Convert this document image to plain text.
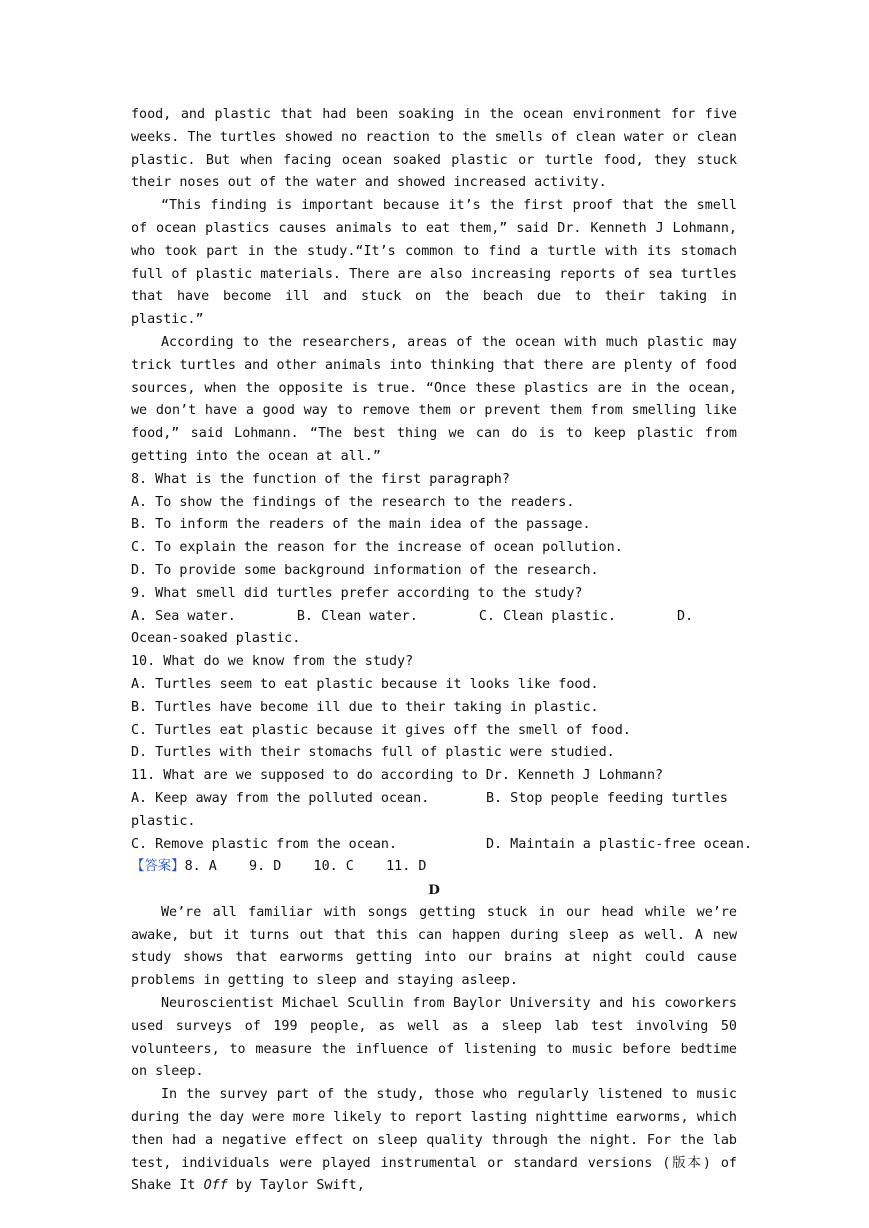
food, and plastic that had been soaking in the ocean environment for five weeks. The turtles showed no reaction to the smells of clean water or clean plastic. But when facing ocean soaked plastic or turtle food, they stuck their noses out of the water and showed increased activity.

“This finding is important because it’s the first proof that the smell of ocean plastics causes animals to eat them,” said Dr. Kenneth J Lohmann, who took part in the study.“It’s common to find a turtle with its stomach full of plastic materials. There are also increasing reports of sea turtles that have become ill and stuck on the beach due to their taking in plastic.”

According to the researchers, areas of the ocean with much plastic may trick turtles and other animals into thinking that there are plenty of food sources, when the opposite is true. “Once these plastics are in the ocean, we don’t have a good way to remove them or prevent them from smelling like food,” said Lohmann. “The best thing we can do is to keep plastic from getting into the ocean at all.”

8. What is the function of the first paragraph?

A. To show the findings of the research to the readers.

B. To inform the readers of the main idea of the passage.

C. To explain the reason for the increase of ocean pollution.

D. To provide some background information of the research.

9. What smell did turtles prefer according to the study?

A. Sea water.	B. Clean water.	C. Clean plastic.	D.

Ocean-soaked plastic.

10. What do we know from the study?

A. Turtles seem to eat plastic because it looks like food.

B. Turtles have become ill due to their taking in plastic.

C. Turtles eat plastic because it gives off the smell of food.

D. Turtles with their stomachs full of plastic were studied.

11. What are we supposed to do according to Dr. Kenneth J Lohmann?

A. Keep away from the polluted ocean.	B. Stop people feeding turtles

plastic.

C. Remove plastic from the ocean.	D. Maintain a plastic-free ocean.

【答案】8. A    9. D    10. C    11. D

D

We’re all familiar with songs getting stuck in our head while we’re awake, but it turns out that this can happen during sleep as well. A new study shows that earworms getting into our brains at night could cause problems in getting to sleep and staying asleep.

Neuroscientist Michael Scullin from Baylor University and his coworkers used surveys of 199 people, as well as a sleep lab test involving 50 volunteers, to measure the influence of listening to music before bedtime on sleep.

In the survey part of the study, those who regularly listened to music during the day were more likely to report lasting nighttime earworms, which then had a negative effect on sleep quality through the night. For the lab test, individuals were played instrumental or standard versions (版本) of Shake It Off by Taylor Swift,
